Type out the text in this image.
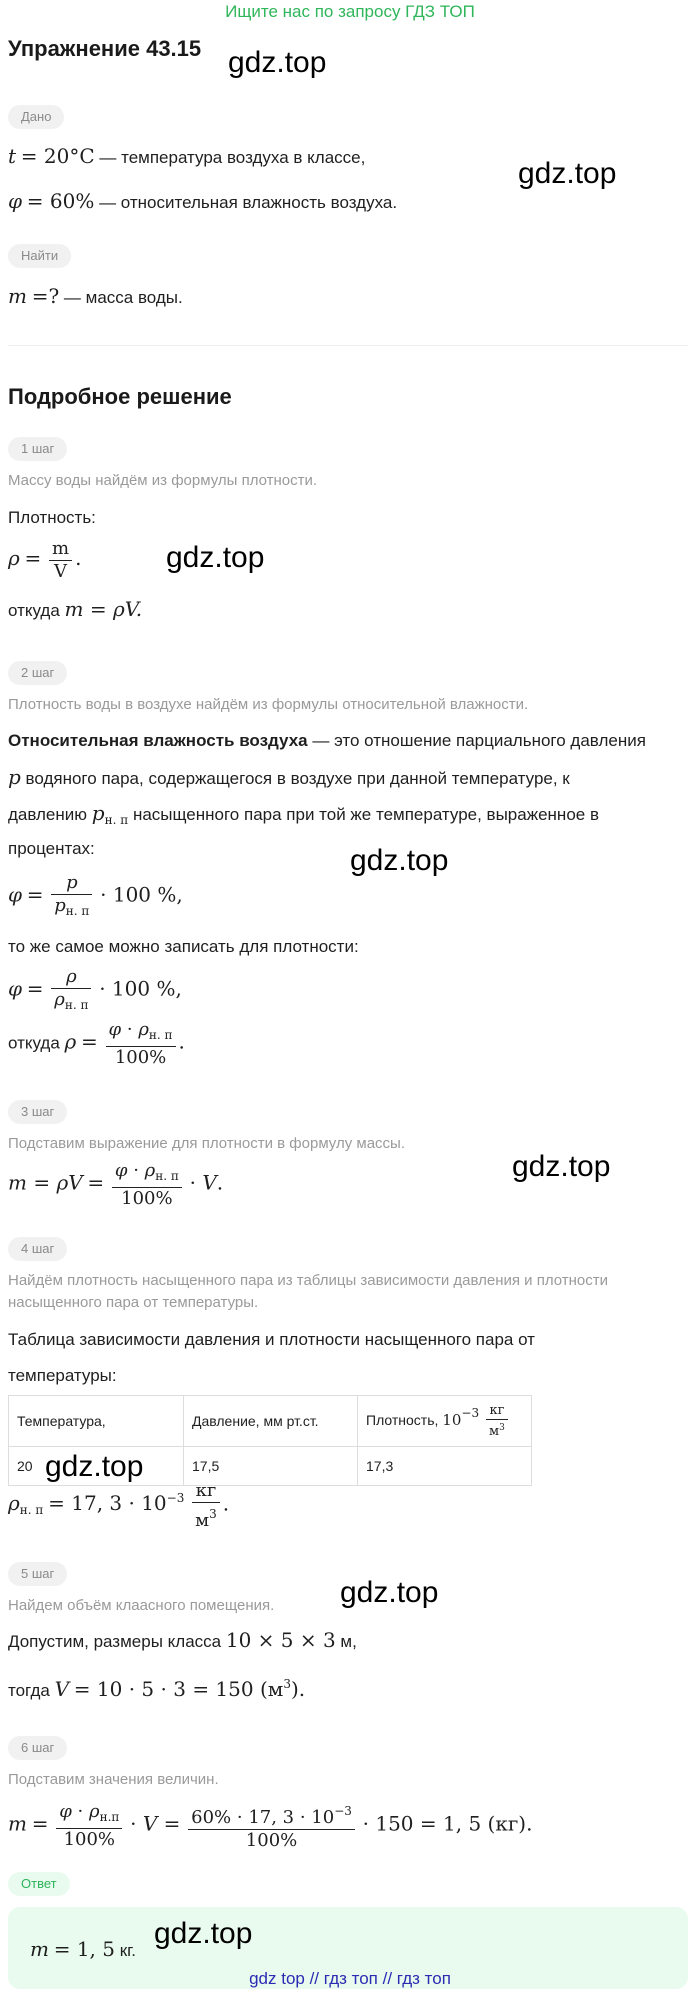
Ищите нас по запросу ГДЗ ТОП
Упражнение 43.15 gdz.top
gdz.top
gdz.top
gdz.top
gdz.top
gdz.top
gdz.top
gdz.top
Дано
t = 20°C — температура воздуха в классе,
φ = 60% — относительная влажность воздуха.
Найти
m =? — масса воды.
Подробное решение
1 шаг
Массу воды найдём из формулы плотности.
Плотность:
$\rho = \frac{m}{V}$ .
откуда m = ρV.
2 шаг
Плотность воды в воздухе найдём из формулы относительной влажности.
Относительная влажность воздуха — это отношение парциального давления
p водяного пара, содержащегося в воздухе при данной температуре, к
давлению $p_{н. п}$ насыщенного пара при той же температуре, выраженное в
процентах:
$\varphi = \frac{p}{p_{н. п}} \cdot 100$ %,
то же самое можно записать для плотности:
$\varphi = \frac{\rho}{\rho_{н. п}} \cdot 100$ %,
откуда $\rho = \frac{\varphi \cdot \rho_{н. п}}{100\%}$ .
3 шаг
Подставим выражение для плотности в формулу массы.
$m = \rho V = \frac{\varphi \cdot \rho_{н. п}}{100\%} \cdot V$.
4 шаг
Найдём плотность насыщенного пара из таблицы зависимости давления и плотности насыщенного пара от температуры.
Таблица зависимости давления и плотности насыщенного пара от
температуры:
Температура,	Давление, мм рт.ст.	Плотность, $10^{-3} \frac{кг}{м^3}$

20	17,5	17,3
$\rho_{н. п} = 17$, $3 \cdot 10^{-3} \frac{кг}{м^3}$ .
5 шаг
Найдем объём клаасного помещения.
Допустим, размеры класса 10 × 5 × 3 м,
тогда V = 10 · 5 · 3 = 150 $(м^3)$.
6 шаг
Подставим значения величин.
$m = \frac{\varphi \cdot \rho_{н.п}}{100\%} \cdot V = \frac{60\% \cdot 17, 3 \cdot 10^{-3}}{100\%} \cdot 150 = 1$, 5 (кг).
Ответ
m = 1, 5 кг.
gdz top // гдз топ // гдз топ
